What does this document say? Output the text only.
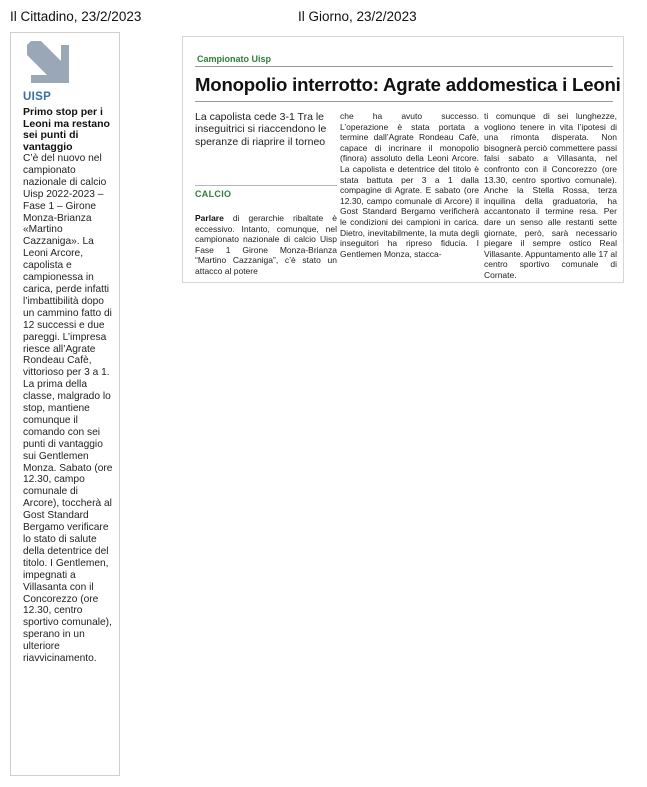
Il Cittadino, 23/2/2023	Il Giorno, 23/2/2023
UISP
Primo stop per i Leoni ma restano sei punti di vantaggio
C’è del nuovo nel campionato nazionale di calcio Uisp 2022-2023 – Fase 1 – Girone Monza-Brianza «Martino Cazzaniga». La Leoni Arcore, capolista e campionessa in carica, perde infatti l’imbattibilità dopo un cammino fatto di 12 successi e due pareggi. L’impresa riesce all’Agrate Rondeau Cafè, vittorioso per 3 a 1. La prima della classe, malgrado lo stop, mantiene comunque il comando con sei punti di vantaggio sui Gentlemen Monza. Sabato (ore 12.30, campo comunale di Arcore), toccherà al Gost Standard Bergamo verificare lo stato di salute della detentrice del titolo. I Gentlemen, impegnati a Villasanta con il Concorezzo (ore 12.30, centro sportivo comunale), sperano in un ulteriore riavvicinamento.
Campionato Uisp
Monopolio interrotto: Agrate addomestica i Leoni
La capolista cede 3-1 Tra le inseguitrici si riaccendono le speranze di riaprire il torneo
CALCIO
Parlare di gerarchie ribaltate è eccessivo. Intanto, comunque, nel campionato nazionale di calcio Uisp Fase 1 Girone Monza-Brianza “Martino Cazzaniga”, c’è stato un attacco al potere
che ha avuto successo. L’operazione è stata portata a termine dall’Agrate Rondeau Cafè, capace di incrinare il monopolio (finora) assoluto della Leoni Arcore. La capolista e detentrice del titolo è stata battuta per 3 a 1 dalla compagine di Agrate. E sabato (ore 12.30, campo comunale di Arcore) il Gost Standard Bergamo verificherà le condizioni dei campioni in carica. Dietro, inevitabilmente, la muta degli inseguitori ha ripreso fiducia. I Gentlemen Monza, stacca-
ti comunque di sei lunghezze, vogliono tenere in vita l’ipotesi di una rimonta disperata. Non bisognerà perciò commettere passi falsi sabato a Villasanta, nel confronto con il Concorezzo (ore 13.30, centro sportivo comunale). Anche la Stella Rossa, terza inquilina della graduatoria, ha accantonato il termine resa. Per dare un senso alle restanti sette giornate, però, sarà necessario piegare il sempre ostico Real Villasante. Appuntamento alle 17 al centro sportivo comunale di Cornate.
